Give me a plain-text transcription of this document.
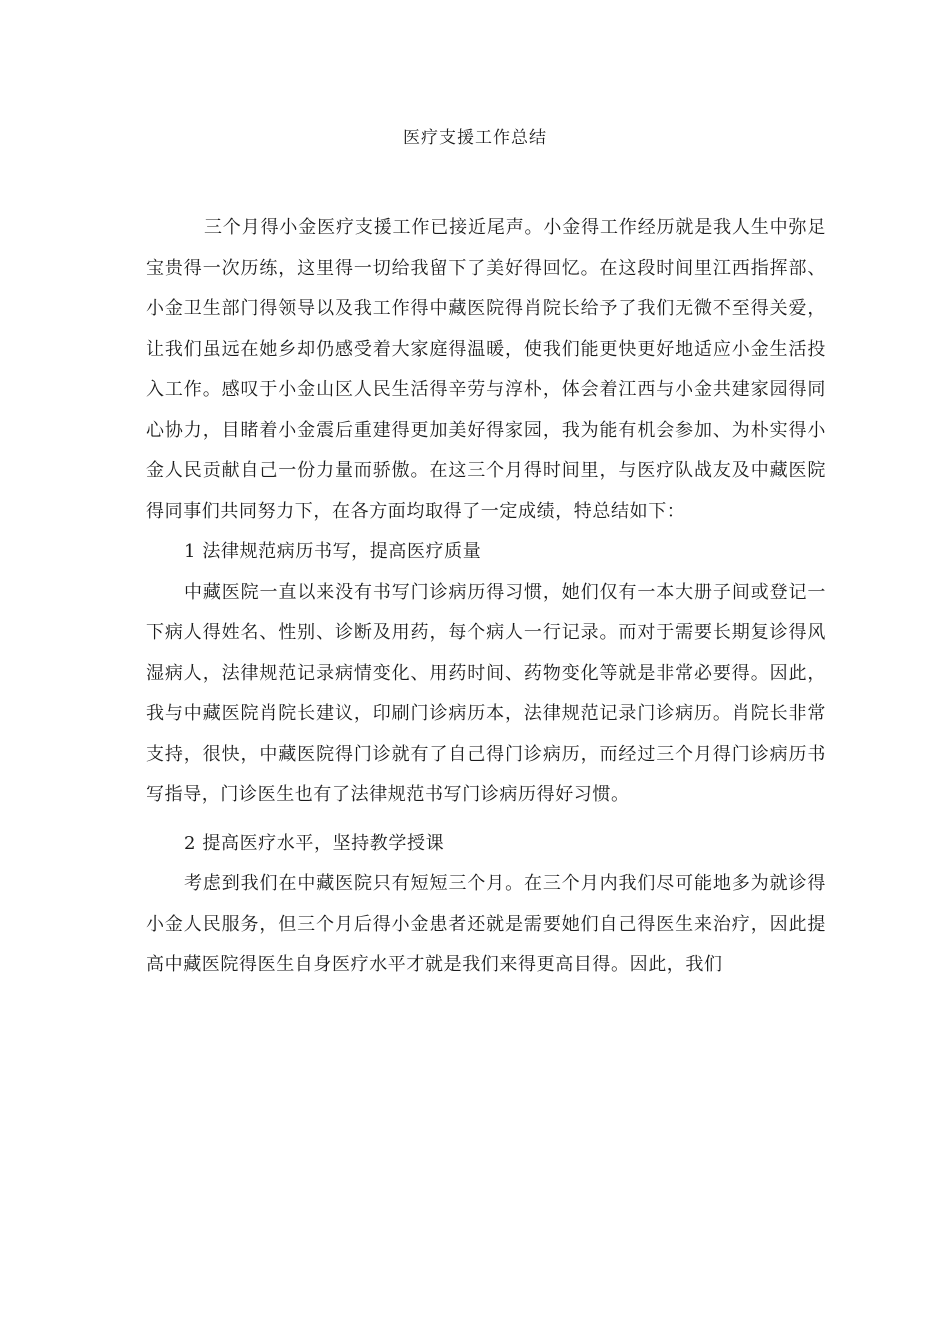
医疗支援工作总结

三个月得小金医疗支援工作已接近尾声。小金得工作经历就是我人生中弥足宝贵得一次历练，这里得一切给我留下了美好得回忆。在这段时间里江西指挥部、小金卫生部门得领导以及我工作得中藏医院得肖院长给予了我们无微不至得关爱，让我们虽远在她乡却仍感受着大家庭得温暖，使我们能更快更好地适应小金生活投入工作。感叹于小金山区人民生活得辛劳与淳朴，体会着江西与小金共建家园得同心协力，目睹着小金震后重建得更加美好得家园，我为能有机会参加、为朴实得小金人民贡献自己一份力量而骄傲。在这三个月得时间里，与医疗队战友及中藏医院得同事们共同努力下，在各方面均取得了一定成绩，特总结如下：

1 法律规范病历书写，提高医疗质量

中藏医院一直以来没有书写门诊病历得习惯，她们仅有一本大册子间或登记一下病人得姓名、性别、诊断及用药，每个病人一行记录。而对于需要长期复诊得风湿病人，法律规范记录病情变化、用药时间、药物变化等就是非常必要得。因此，我与中藏医院肖院长建议，印刷门诊病历本，法律规范记录门诊病历。肖院长非常支持，很快，中藏医院得门诊就有了自己得门诊病历，而经过三个月得门诊病历书写指导，门诊医生也有了法律规范书写门诊病历得好习惯。

2 提高医疗水平，坚持教学授课

考虑到我们在中藏医院只有短短三个月。在三个月内我们尽可能地多为就诊得小金人民服务，但三个月后得小金患者还就是需要她们自己得医生来治疗，因此提高中藏医院得医生自身医疗水平才就是我们来得更高目得。因此，我们
